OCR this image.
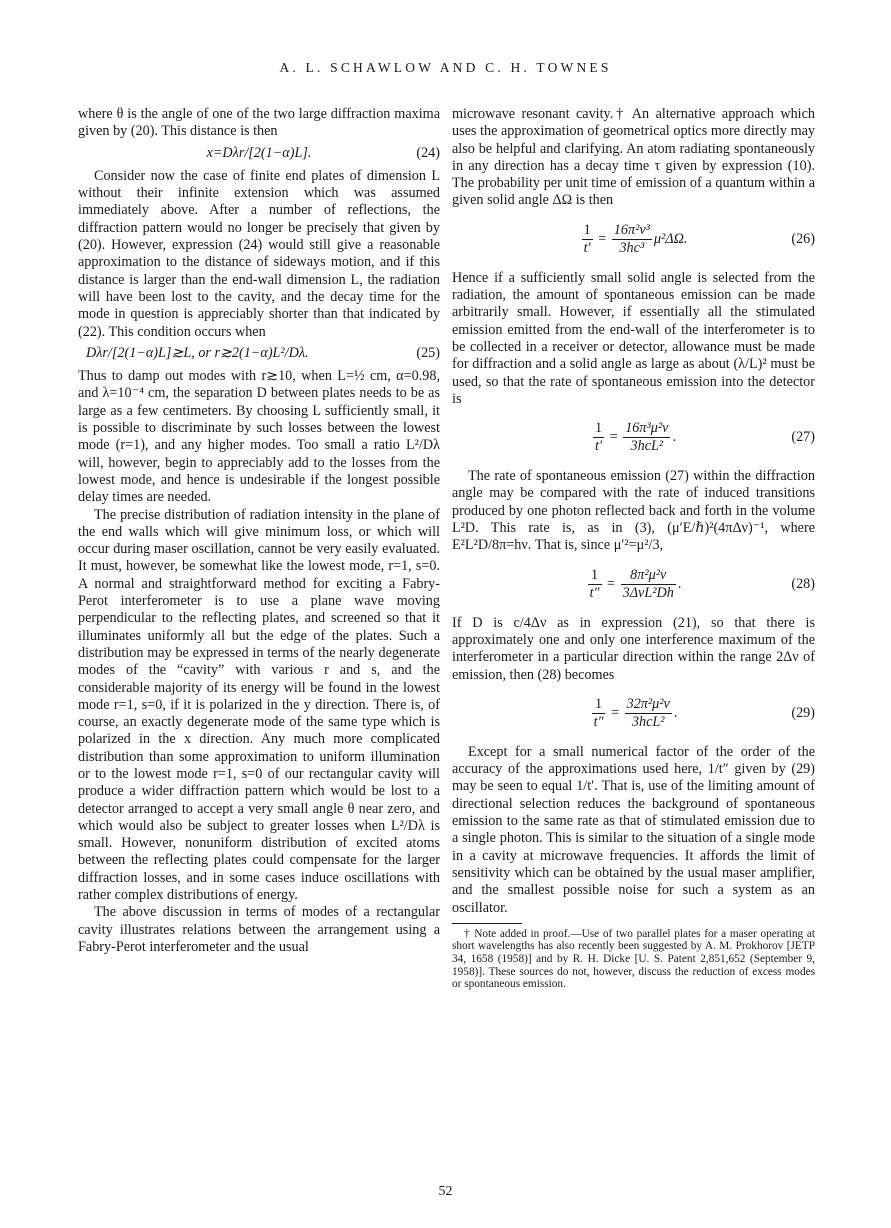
A. L. SCHAWLOW AND C. H. TOWNES

where θ is the angle of one of the two large diffraction maxima given by (20). This distance is then

x=Dλr/[2(1−α)L].	(24)

Consider now the case of finite end plates of dimension L without their infinite extension which was assumed immediately above. After a number of reflections, the diffraction pattern would no longer be precisely that given by (20). However, expression (24) would still give a reasonable approximation to the distance of sideways motion, and if this distance is larger than the end-wall dimension L, the radiation will have been lost to the cavity, and the decay time for the mode in question is appreciably shorter than that indicated by (22). This condition occurs when

Dλr/[2(1−α)L]≳L, or r≳2(1−α)L²/Dλ.	(25)

Thus to damp out modes with r≳10, when L=½ cm, α=0.98, and λ=10⁻⁴ cm, the separation D between plates needs to be as large as a few centimeters. By choosing L sufficiently small, it is possible to discriminate by such losses between the lowest mode (r=1), and any higher modes. Too small a ratio L²/Dλ will, however, begin to appreciably add to the losses from the lowest mode, and hence is undesirable if the longest possible delay times are needed.

The precise distribution of radiation intensity in the plane of the end walls which will give minimum loss, or which will occur during maser oscillation, cannot be very easily evaluated. It must, however, be somewhat like the lowest mode, r=1, s=0. A normal and straightforward method for exciting a Fabry-Perot interferometer is to use a plane wave moving perpendicular to the reflecting plates, and screened so that it illuminates uniformly all but the edge of the plates. Such a distribution may be expressed in terms of the nearly degenerate modes of the “cavity” with various r and s, and the considerable majority of its energy will be found in the lowest mode r=1, s=0, if it is polarized in the y direction. There is, of course, an exactly degenerate mode of the same type which is polarized in the x direction. Any much more complicated distribution than some approximation to uniform illumination or to the lowest mode r=1, s=0 of our rectangular cavity will produce a wider diffraction pattern which would be lost to a detector arranged to accept a very small angle θ near zero, and which would also be subject to greater losses when L²/Dλ is small. However, nonuniform distribution of excited atoms between the reflecting plates could compensate for the larger diffraction losses, and in some cases induce oscillations with rather complex distributions of energy.

The above discussion in terms of modes of a rectangular cavity illustrates relations between the arrangement using a Fabry-Perot interferometer and the usual

microwave resonant cavity.† An alternative approach which uses the approximation of geometrical optics more directly may also be helpful and clarifying. An atom radiating spontaneously in any direction has a decay time τ given by expression (10). The probability per unit time of emission of a quantum within a given solid angle ΔΩ is then

$\frac{1}{t'} = \frac{\text{16π²ν³}}{\text{3hc³}} \mu^2\Delta\Omega$.	(26)

Hence if a sufficiently small solid angle is selected from the radiation, the amount of spontaneous emission can be made arbitrarily small. However, if essentially all the stimulated emission emitted from the end-wall of the interferometer is to be collected in a receiver or detector, allowance must be made for diffraction and a solid angle as large as about (λ/L)² must be used, so that the rate of spontaneous emission into the detector is

$\frac{1}{t'} = \frac{\text{16π³μ²ν}}{\text{3hcL²}}$ .	(27)

The rate of spontaneous emission (27) within the diffraction angle may be compared with the rate of induced transitions produced by one photon reflected back and forth in the volume L²D. This rate is, as in (3), (μ′E/ℏ)²(4πΔν)⁻¹, where E²L²D/8π=hν. That is, since μ′²=μ²/3,

$\frac{1}{t''} = \frac{\text{8π²μ²ν}}{\text{3ΔνL²Dh}}$ .	(28)

If D is c/4Δν as in expression (21), so that there is approximately one and only one interference maximum of the interferometer in a particular direction within the range 2Δν of emission, then (28) becomes

$\frac{1}{t''} = \frac{\text{32π²μ²ν}}{\text{3hcL²}}$ .	(29)

Except for a small numerical factor of the order of the accuracy of the approximations used here, 1/t″ given by (29) may be seen to equal 1/t′. That is, use of the limiting amount of directional selection reduces the background of spontaneous emission to the same rate as that of stimulated emission due to a single photon. This is similar to the situation of a single mode in a cavity at microwave frequencies. It affords the limit of sensitivity which can be obtained by the usual maser amplifier, and the smallest possible noise for such a system as an oscillator.

† Note added in proof.—Use of two parallel plates for a maser operating at short wavelengths has also recently been suggested by A. M. Prokhorov [JETP 34, 1658 (1958)] and by R. H. Dicke [U. S. Patent 2,851,652 (September 9, 1958)]. These sources do not, however, discuss the reduction of excess modes or spontaneous emission.

52
